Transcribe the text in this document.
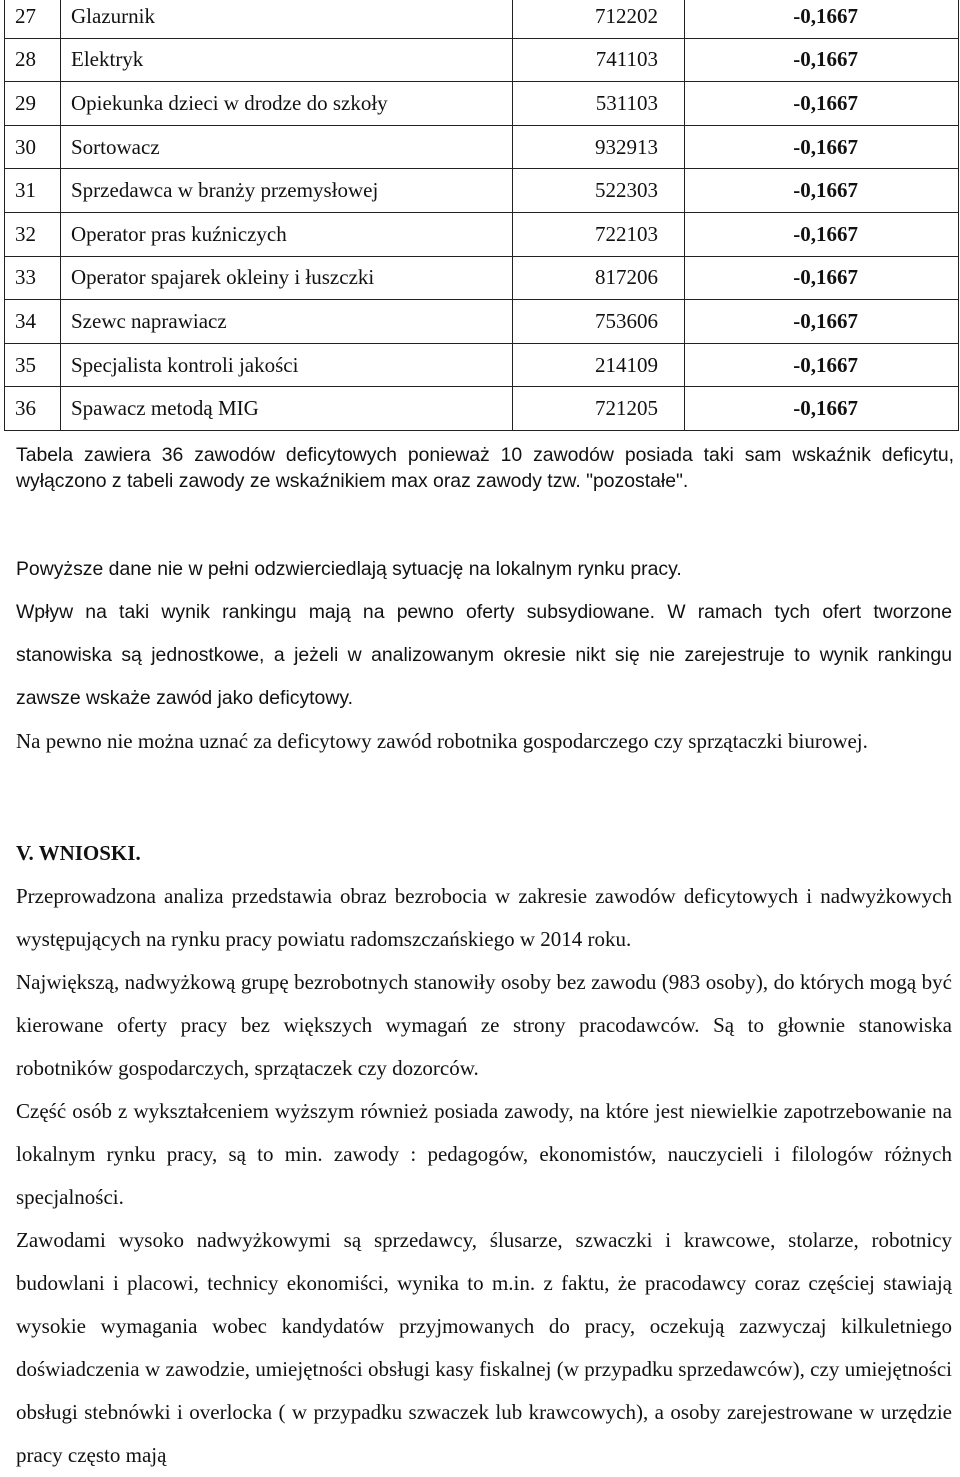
27	Glazurnik	712202	-0,1667
28	Elektryk	741103	-0,1667
29	Opiekunka dzieci w drodze do szkoły	531103	-0,1667
30	Sortowacz	932913	-0,1667
31	Sprzedawca w branży przemysłowej	522303	-0,1667
32	Operator pras kuźniczych	722103	-0,1667
33	Operator spajarek okleiny i łuszczki	817206	-0,1667
34	Szewc naprawiacz	753606	-0,1667
35	Specjalista kontroli jakości	214109	-0,1667
36	Spawacz metodą MIG	721205	-0,1667
Tabela zawiera 36 zawodów deficytowych ponieważ 10 zawodów posiada taki sam wskaźnik deficytu, wyłączono z tabeli zawody ze wskaźnikiem max oraz zawody tzw. "pozostałe".

Powyższe dane nie w pełni odzwierciedlają sytuację na lokalnym rynku pracy.

Wpływ na taki wynik rankingu mają na pewno oferty subsydiowane. W ramach tych ofert tworzone stanowiska są jednostkowe, a jeżeli w analizowanym okresie nikt się nie zarejestruje to wynik rankingu zawsze wskaże zawód jako deficytowy.

Na pewno nie można uznać za deficytowy zawód robotnika gospodarczego czy sprzątaczki biurowej.

V. WNIOSKI.

Przeprowadzona analiza przedstawia obraz bezrobocia w zakresie zawodów deficytowych i nadwyżkowych występujących na rynku pracy powiatu radomszczańskiego w 2014 roku.

Największą, nadwyżkową grupę bezrobotnych stanowiły osoby bez zawodu (983 osoby), do których mogą być kierowane oferty pracy bez większych wymagań ze strony pracodawców. Są to głownie stanowiska robotników gospodarczych, sprzątaczek czy dozorców.

Część osób z wykształceniem wyższym również posiada zawody, na które jest niewielkie zapotrzebowanie na lokalnym rynku pracy, są to min. zawody : pedagogów, ekonomistów, nauczycieli i filologów różnych specjalności.

Zawodami wysoko nadwyżkowymi są sprzedawcy, ślusarze, szwaczki i krawcowe, stolarze, robotnicy budowlani i placowi, technicy ekonomiści, wynika to m.in. z faktu, że pracodawcy coraz częściej stawiają wysokie wymagania wobec kandydatów przyjmowanych do pracy, oczekują zazwyczaj kilkuletniego doświadczenia w zawodzie, umiejętności obsługi kasy fiskalnej (w przypadku sprzedawców), czy umiejętności obsługi stebnówki i overlocka ( w przypadku szwaczek lub krawcowych), a osoby zarejestrowane w urzędzie pracy często mają
